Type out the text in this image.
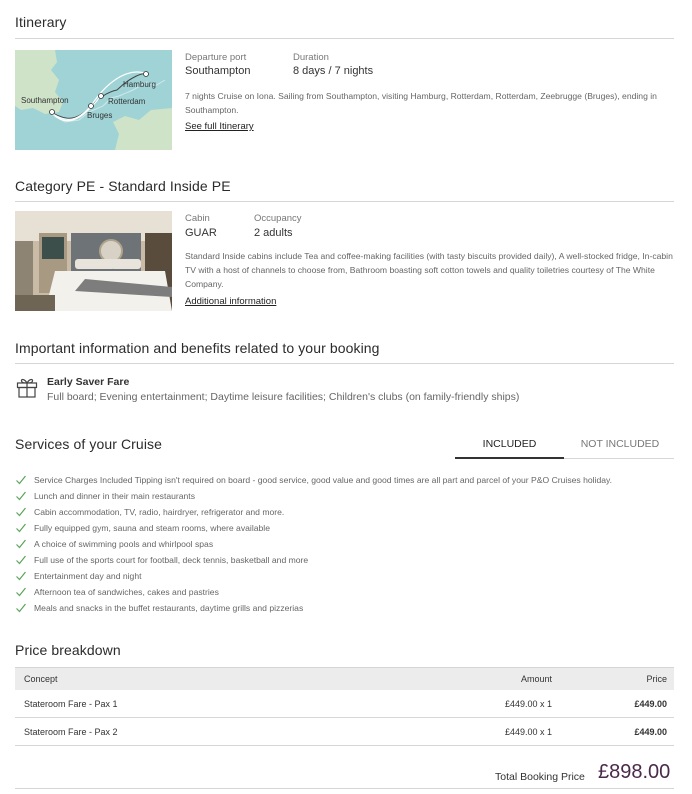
Itinerary
Hamburg
Rotterdam
Southampton
Bruges
Departure port
Southampton
Duration
8 days / 7 nights
7 nights Cruise on Iona. Sailing from Southampton, visiting Hamburg, Rotterdam, Rotterdam, Zeebrugge (Bruges), ending in Southampton.
See full Itinerary
Category PE - Standard Inside PE
Cabin
GUAR
Occupancy
2 adults
Standard Inside cabins include Tea and coffee-making facilities (with tasty biscuits provided daily), A well-stocked fridge, In-cabin TV with a host of channels to choose from, Bathroom boasting soft cotton towels and quality toiletries courtesy of The White Company.
Additional information
Important information and benefits related to your booking
Early Saver Fare
Full board; Evening entertainment; Daytime leisure facilities; Children's clubs (on family-friendly ships)
Services of your Cruise	INCLUDED	NOT INCLUDED
Service Charges Included Tipping isn't required on board - good service, good value and good times are all part and parcel of your P&O Cruises holiday.
Lunch and dinner in their main restaurants
Cabin accommodation, TV, radio, hairdryer, refrigerator and more.
Fully equipped gym, sauna and steam rooms, where available
A choice of swimming pools and whirlpool spas
Full use of the sports court for football, deck tennis, basketball and more
Entertainment day and night
Afternoon tea of sandwiches, cakes and pastries
Meals and snacks in the buffet restaurants, daytime grills and pizzerias
Price breakdown
Concept	Amount	Price
Stateroom Fare - Pax 1	£449.00 x 1	£449.00
Stateroom Fare - Pax 2	£449.00 x 1	£449.00
Total Booking Price £898.00
